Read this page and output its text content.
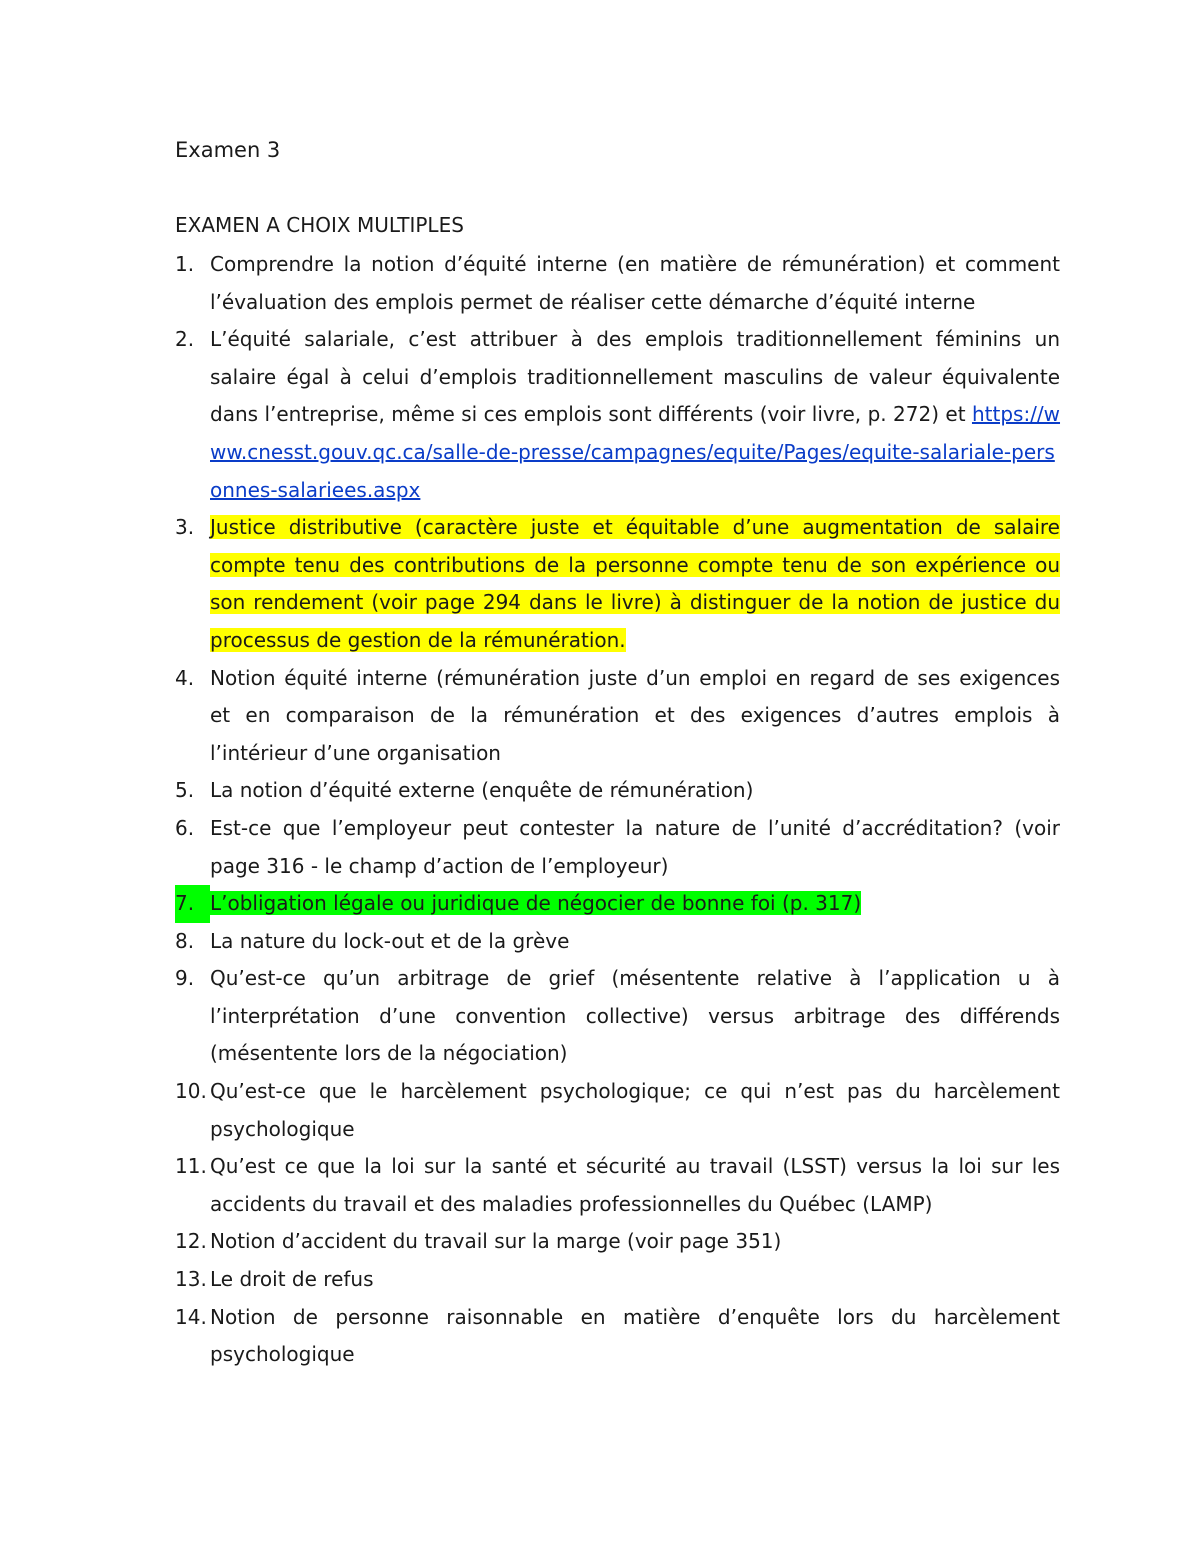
Examen 3
EXAMEN A CHOIX MULTIPLES
1. Comprendre la notion d’équité interne (en matière de rémunération) et comment l’évaluation des emplois permet de réaliser cette démarche d’équité interne
2. L’équité salariale, c’est attribuer à des emplois traditionnellement féminins un salaire égal à celui d’emplois traditionnellement masculins de valeur équivalente dans l’entreprise, même si ces emplois sont différents (voir livre, p. 272) et https://www.cnesst.gouv.qc.ca/salle-de-presse/campagnes/equite/Pages/equite-salariale-personnes-salariees.aspx
3. Justice distributive (caractère juste et équitable d’une augmentation de salaire compte tenu des contributions de la personne compte tenu de son expérience ou son rendement (voir page 294 dans le livre) à distinguer de la notion de justice du processus de gestion de la rémunération.
4. Notion équité interne (rémunération juste d’un emploi en regard de ses exigences et en comparaison de la rémunération et des exigences d’autres emplois à l’intérieur d’une organisation
5. La notion d’équité externe (enquête de rémunération)
6. Est-ce que l’employeur peut contester la nature de l’unité d’accréditation? (voir page 316 - le champ d’action de l’employeur)
7. L’obligation légale ou juridique de négocier de bonne foi (p. 317)
8. La nature du lock-out et de la grève
9. Qu’est-ce qu’un arbitrage de grief (mésentente relative à l’application u à l’interprétation d’une convention collective) versus arbitrage des différends (mésentente lors de la négociation)
10. Qu’est-ce que le harcèlement psychologique; ce qui n’est pas du harcèlement psychologique
11. Qu’est ce que la loi sur la santé et sécurité au travail (LSST) versus la loi sur les accidents du travail et des maladies professionnelles du Québec (LAMP)
12. Notion d’accident du travail sur la marge (voir page 351)
13. Le droit de refus
14. Notion de personne raisonnable en matière d’enquête lors du harcèlement psychologique
